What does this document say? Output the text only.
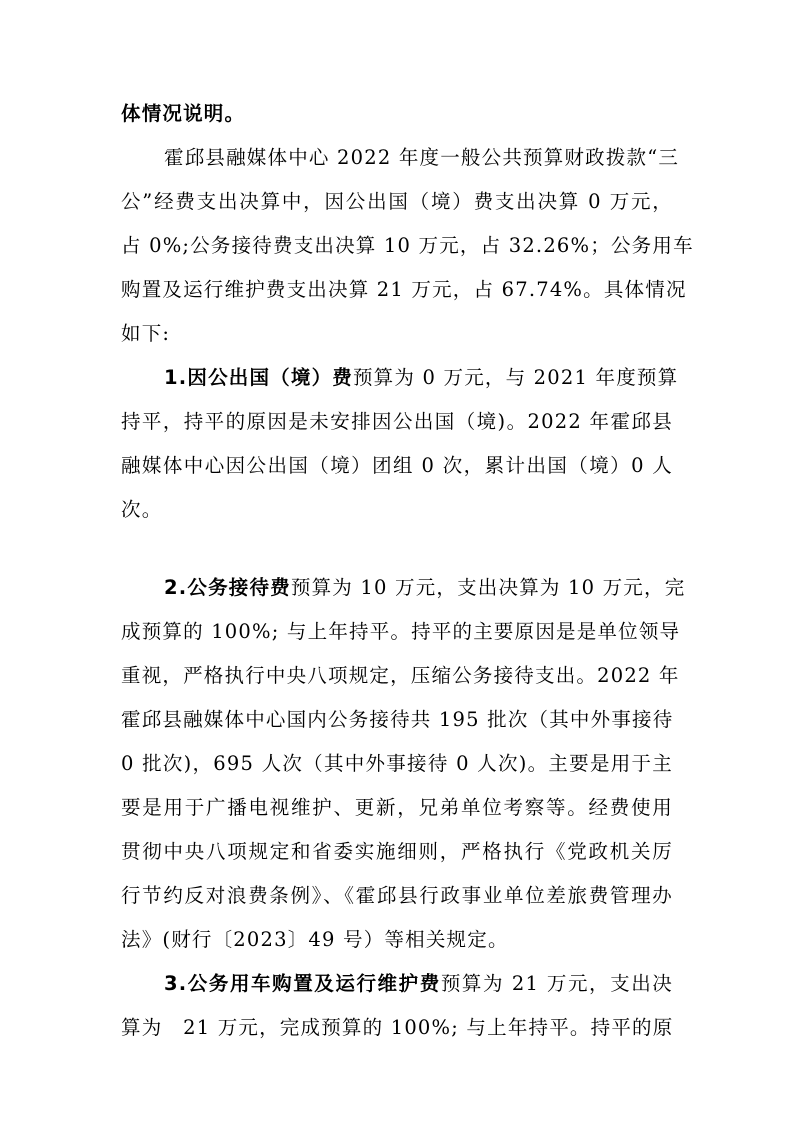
体情况说明。
霍邱县融媒体中心 2022 年度一般公共预算财政拨款“三
公”经费支出决算中，因公出国（境）费支出决算 0 万元，
占 0%;公务接待费支出决算 10 万元，占 32.26%；公务用车
购置及运行维护费支出决算 21 万元，占 67.74%。具体情况
如下:
1.因公出国（境）费预算为 0 万元，与 2021 年度预算
持平，持平的原因是未安排因公出国（境)。2022 年霍邱县
融媒体中心因公出国（境）团组 0 次，累计出国（境）0 人
次。
2.公务接待费预算为 10 万元，支出决算为 10 万元，完
成预算的 100%; 与上年持平。持平的主要原因是是单位领导
重视，严格执行中央八项规定，压缩公务接待支出。2022 年
霍邱县融媒体中心国内公务接待共 195 批次（其中外事接待
0 批次)，695 人次（其中外事接待 0 人次)。主要是用于主
要是用于广播电视维护、更新，兄弟单位考察等。经费使用
贯彻中央八项规定和省委实施细则，严格执行《党政机关厉
行节约反对浪费条例》、《霍邱县行政事业单位差旅费管理办
法》(财行〔2023〕49 号）等相关规定。
3.公务用车购置及运行维护费预算为 21 万元，支出决
算为　21 万元，完成预算的 100%; 与上年持平。持平的原
